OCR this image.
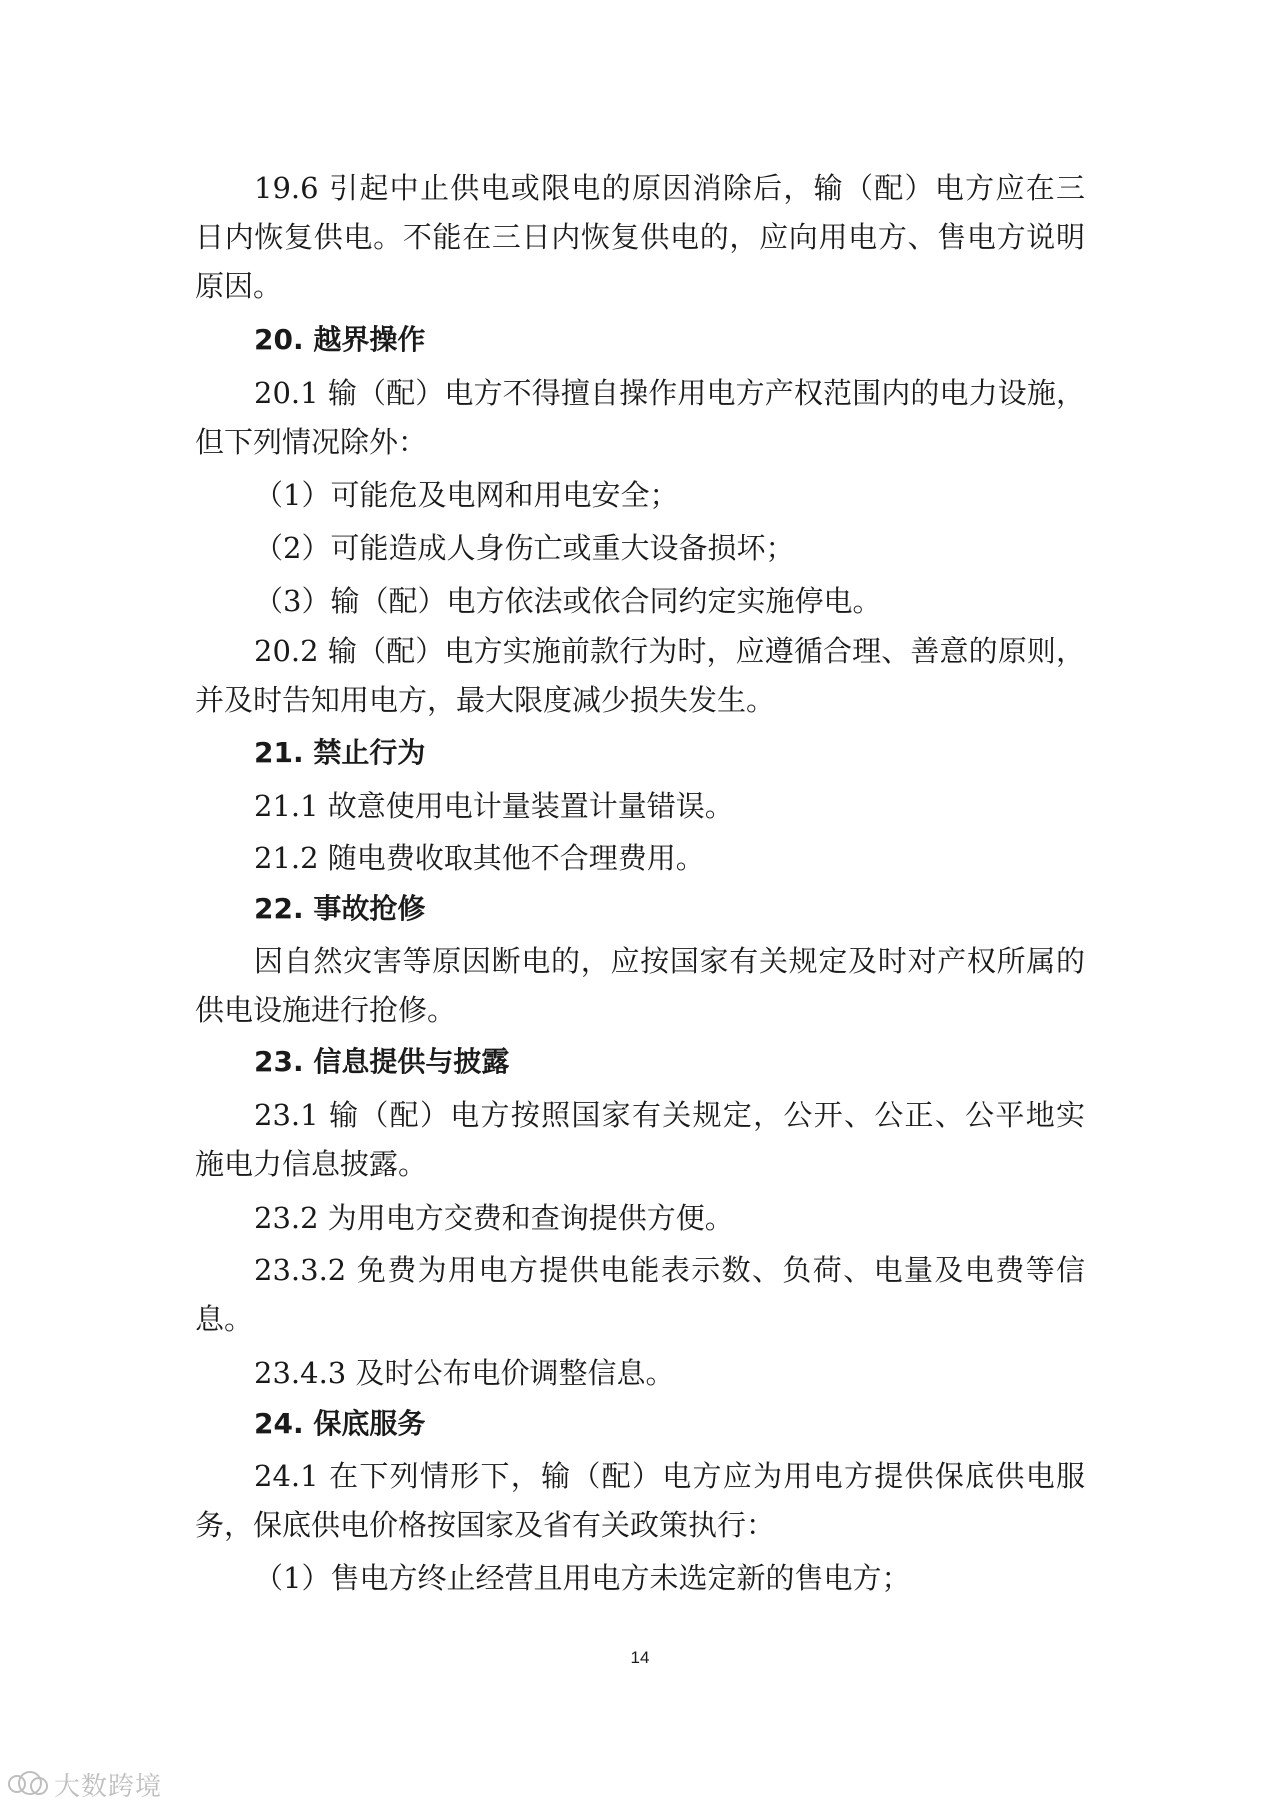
19.6 引起中止供电或限电的原因消除后，输（配）电方应在三
日内恢复供电。不能在三日内恢复供电的，应向用电方、售电方说明
原因。
20. 越界操作
20.1 输（配）电方不得擅自操作用电方产权范围内的电力设施，
但下列情况除外：
（1）可能危及电网和用电安全；
（2）可能造成人身伤亡或重大设备损坏；
（3）输（配）电方依法或依合同约定实施停电。
20.2 输（配）电方实施前款行为时，应遵循合理、善意的原则，
并及时告知用电方，最大限度减少损失发生。
21. 禁止行为
21.1 故意使用电计量装置计量错误。
21.2 随电费收取其他不合理费用。
22. 事故抢修
因自然灾害等原因断电的，应按国家有关规定及时对产权所属的
供电设施进行抢修。
23. 信息提供与披露
23.1 输（配）电方按照国家有关规定，公开、公正、公平地实
施电力信息披露。
23.2 为用电方交费和查询提供方便。
23.3.2 免费为用电方提供电能表示数、负荷、电量及电费等信
息。
23.4.3 及时公布电价调整信息。
24. 保底服务
24.1 在下列情形下，输（配）电方应为用电方提供保底供电服
务，保底供电价格按国家及省有关政策执行：
（1）售电方终止经营且用电方未选定新的售电方；
14
大数跨境
